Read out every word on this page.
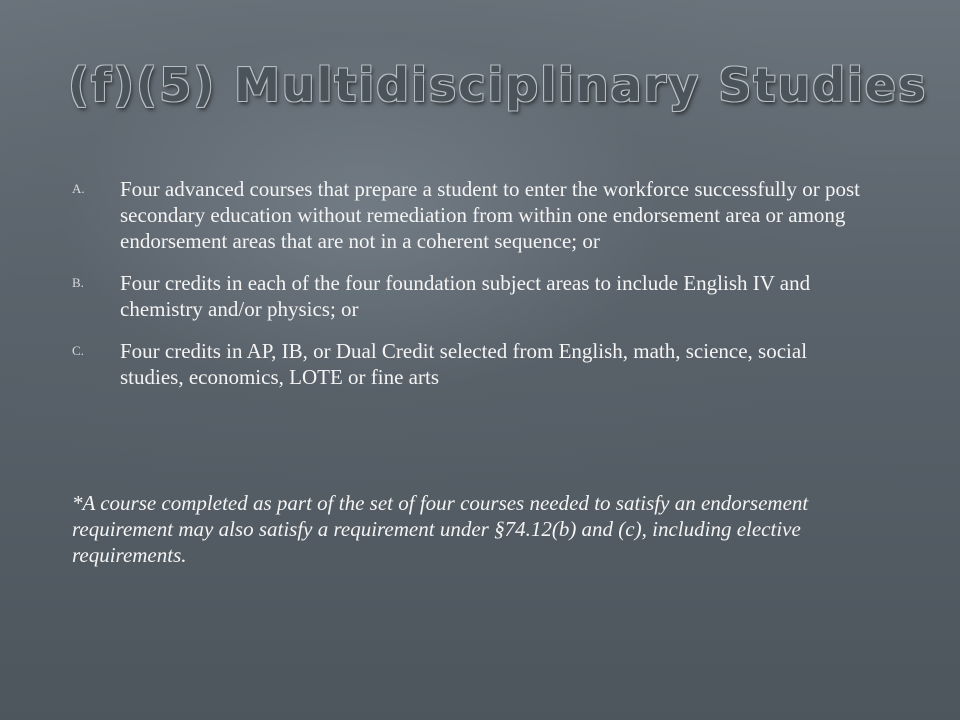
(f)(5) Multidisciplinary Studies
A.	Four advanced courses that prepare a student to enter the workforce successfully or post secondary education without remediation from within one endorsement area or among endorsement areas that are not in a coherent sequence; or
B.	Four credits in each of the four foundation subject areas to include English IV and chemistry and/or physics; or
C.	Four credits in AP, IB, or Dual Credit selected from English, math, science, social studies, economics, LOTE or fine arts
*A course completed as part of the set of four courses needed to satisfy an endorsement requirement may also satisfy a requirement under §74.12(b) and (c), including elective requirements.
